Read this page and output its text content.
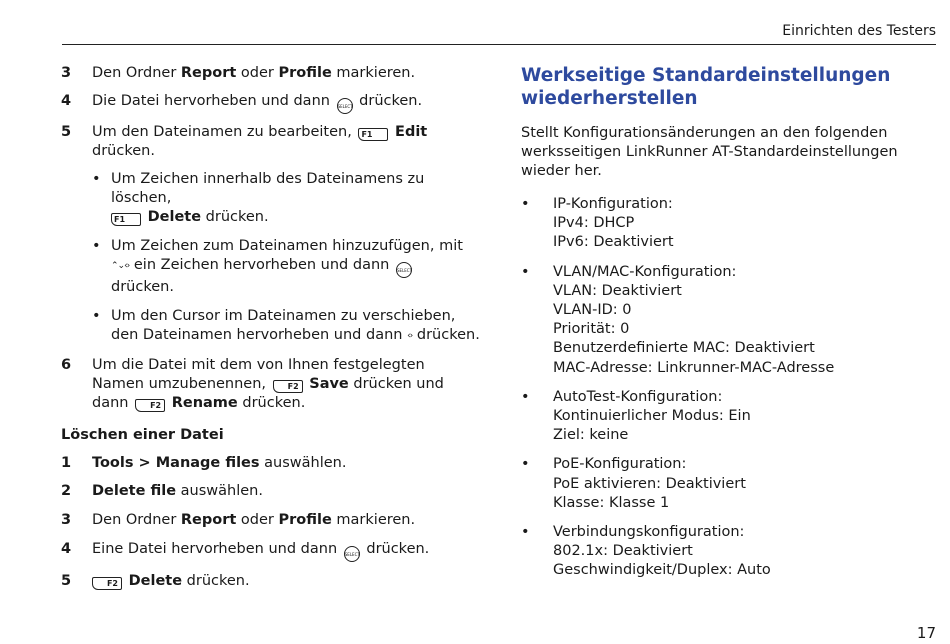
Einrichten des Testers
3 Den Ordner Report oder Profile markieren.
4 Die Datei hervorheben und dann SELECT drücken.
5 Um den Dateinamen zu bearbeiten, F1 Edit drücken.
• Um Zeichen innerhalb des Dateinamens zu löschen,
F1 Delete drücken.
• Um Zeichen zum Dateinamen hinzuzufügen, mit
⌃⌄‹› ein Zeichen hervorheben und dann SELECT
drücken.
• Um den Cursor im Dateinamen zu verschieben, den Dateinamen hervorheben und dann ‹› drücken.
6 Um die Datei mit dem von Ihnen festgelegten Namen umzubenennen, F2 Save drücken und dann F2 Rename drücken.
Löschen einer Datei
1 Tools > Manage files auswählen.
2 Delete file auswählen.
3 Den Ordner Report oder Profile markieren.
4 Eine Datei hervorheben und dann SELECT drücken.
5	F2 Delete drücken.
Werkseitige Standardeinstellungen wiederherstellen
Stellt Konfigurationsänderungen an den folgenden werksseitigen LinkRunner AT-Standardeinstellungen wieder her.
• IP-Konfiguration:
IPv4: DHCP
IPv6: Deaktiviert
• VLAN/MAC-Konfiguration:
VLAN: Deaktiviert
VLAN-ID: 0
Priorität: 0
Benutzerdefinierte MAC: Deaktiviert
MAC-Adresse: Linkrunner-MAC-Adresse
• AutoTest-Konfiguration:
Kontinuierlicher Modus: Ein
Ziel: keine
• PoE-Konfiguration:
PoE aktivieren: Deaktiviert
Klasse: Klasse 1
• Verbindungskonfiguration:
802.1x: Deaktiviert
Geschwindigkeit/Duplex: Auto
17
